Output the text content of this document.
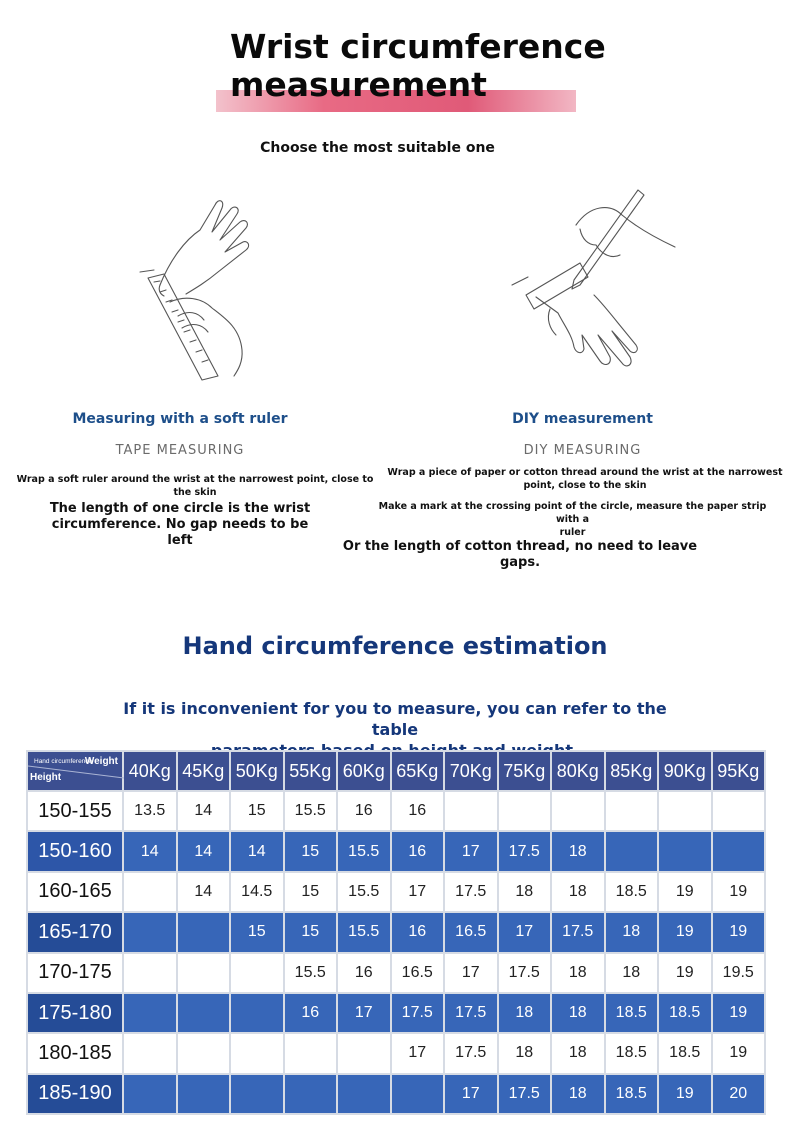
Wrist circumference
measurement
Choose the most suitable one
Measuring with a soft ruler
TAPE MEASURING
Wrap a soft ruler around the wrist at the narrowest point, close to the skin
The length of one circle is the wrist
circumference. No gap needs to be left
DIY measurement
DIY MEASURING
Wrap a piece of paper or cotton thread around the wrist at the narrowest
point, close to the skin
Make a mark at the crossing point of the circle, measure the paper strip with a
ruler
Or the length of cotton thread, no need to leave gaps.
Hand circumference estimation
If it is inconvenient for you to measure, you can refer to the table
Hand circumference
Weight
Height	40Kg	45Kg	50Kg	55Kg	60Kg	65Kg	70Kg	75Kg	80Kg	85Kg	90Kg	95Kg
150-155	13.5	14	15	15.5	16	16						
150-160	14	14	14	15	15.5	16	17	17.5	18			
160-165		14	14.5	15	15.5	17	17.5	18	18	18.5	19	19
165-170			15	15	15.5	16	16.5	17	17.5	18	19	19
170-175				15.5	16	16.5	17	17.5	18	18	19	19.5
175-180				16	17	17.5	17.5	18	18	18.5	18.5	19
180-185						17	17.5	18	18	18.5	18.5	19
185-190							17	17.5	18	18.5	19	20
